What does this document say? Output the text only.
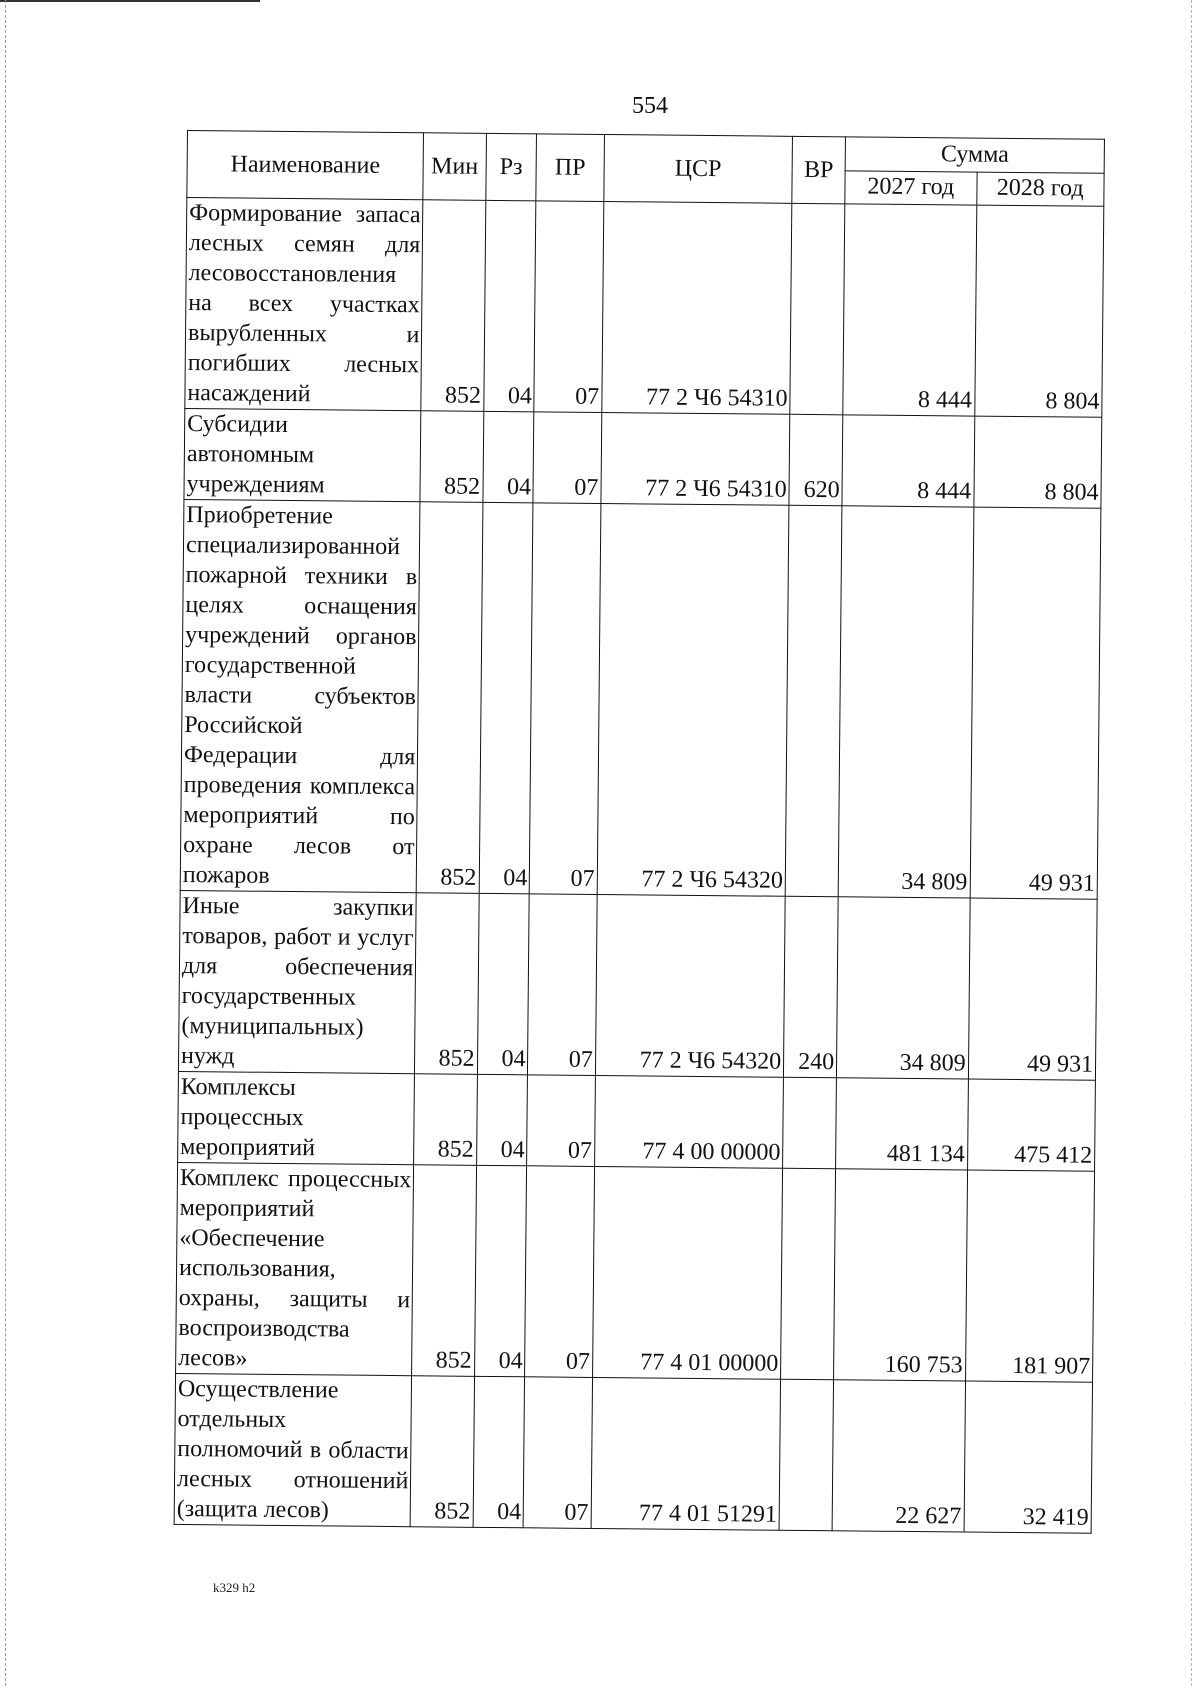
554
Наименование	Мин	Рз	ПР	ЦСР	ВР	Сумма	
						2027 год	2028 год
Формирование запаса лесных семян для лесовосстановления на всех участках вырубленных и погибших лесных насаждений	852	04	07	77 2 Ч6 54310		8 444	8 804
Субсидии автономным учреждениям	852	04	07	77 2 Ч6 54310	620	8 444	8 804
Приобретение специализированной пожарной техники в целях оснащения учреждений органов государственной власти субъектов Российской Федерации для проведения комплекса мероприятий по охране лесов от пожаров	852	04	07	77 2 Ч6 54320		34 809	49 931
Иные закупки товаров, работ и услуг для обеспечения государственных (муниципальных) нужд	852	04	07	77 2 Ч6 54320	240	34 809	49 931
Комплексы процессных мероприятий	852	04	07	77 4 00 00000		481 134	475 412
Комплекс процессных мероприятий «Обеспечение использования, охраны, защиты и воспроизводства лесов»	852	04	07	77 4 01 00000		160 753	181 907
Осуществление отдельных полномочий в области лесных отношений (защита лесов)	852	04	07	77 4 01 51291		22 627	32 419
k329 h2
